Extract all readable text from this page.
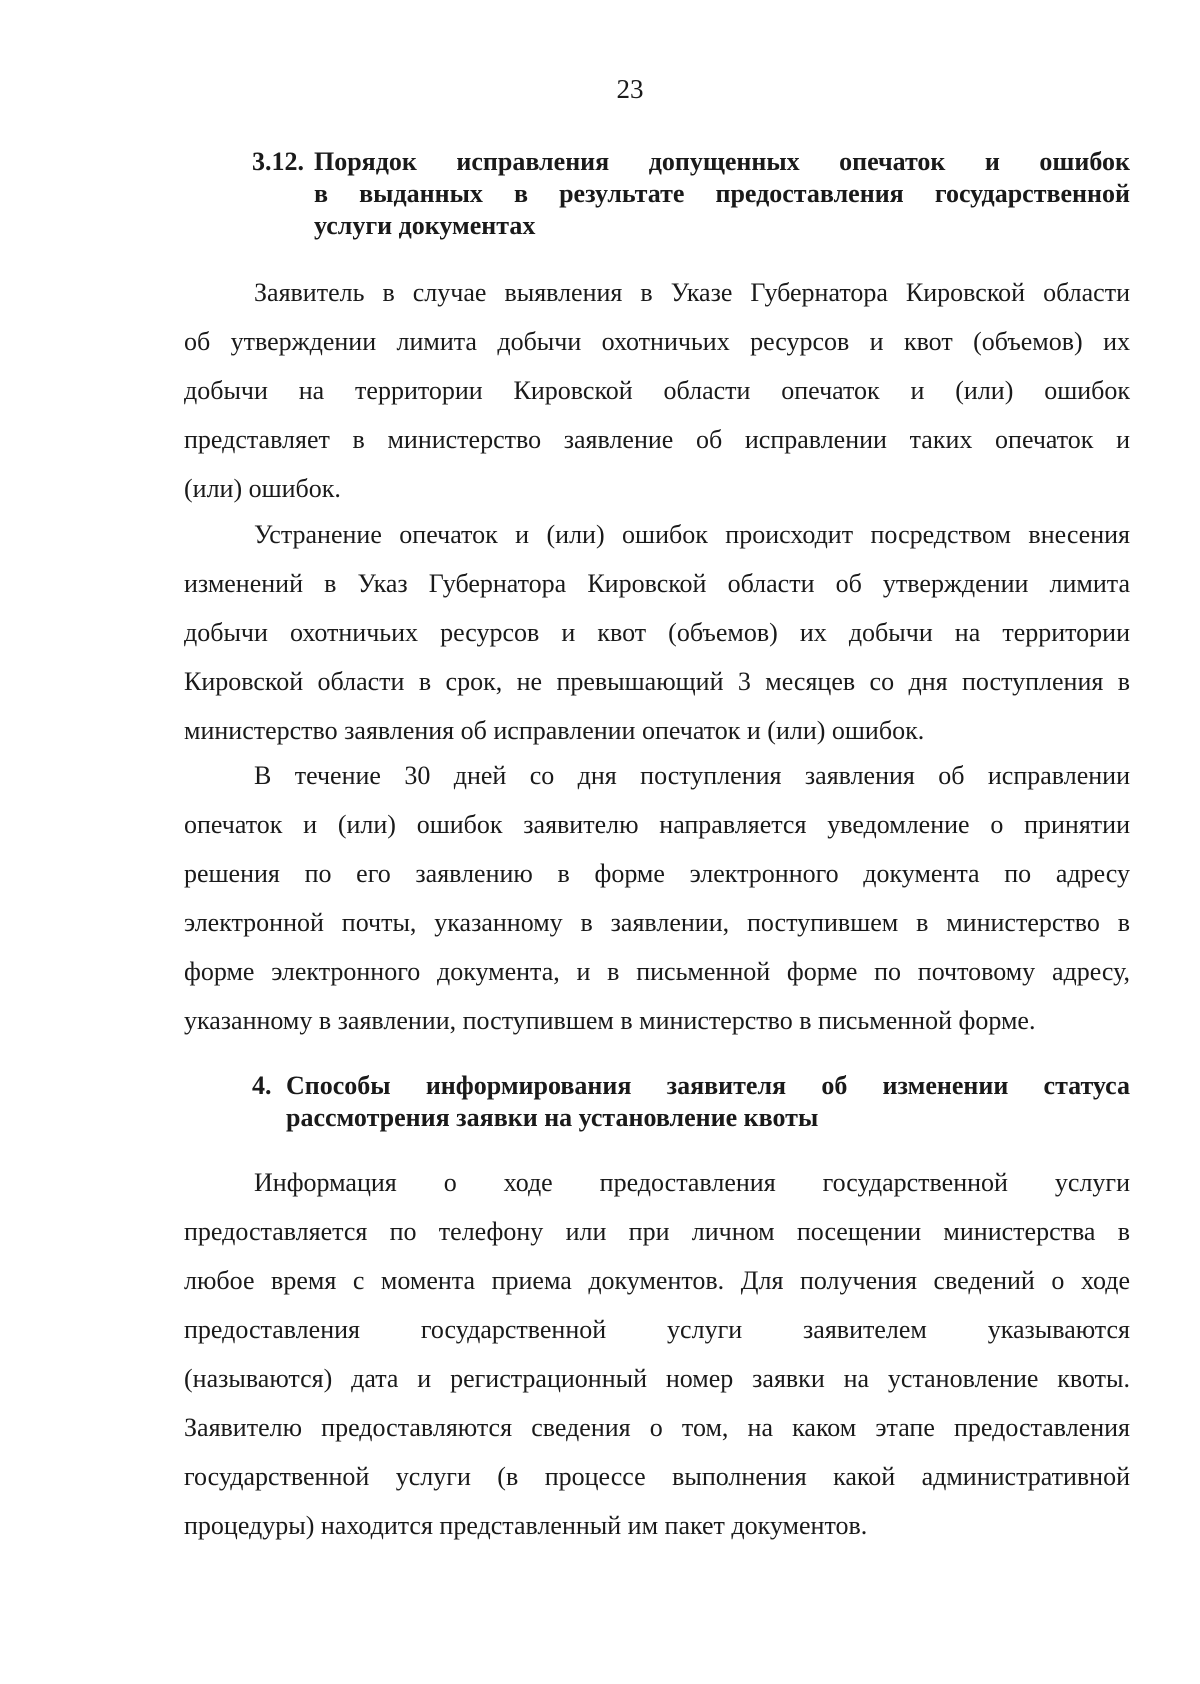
23
3.12. Порядок исправления допущенных опечаток и ошибок
в выданных в результате предоставления государственной
услуги документах
Заявитель в случае выявления в Указе Губернатора Кировской области
об утверждении лимита добычи охотничьих ресурсов и квот (объемов) их
добычи на территории Кировской области опечаток и (или) ошибок
представляет в министерство заявление об исправлении таких опечаток и
(или) ошибок.
Устранение опечаток и (или) ошибок происходит посредством внесения
изменений в Указ Губернатора Кировской области об утверждении лимита
добычи охотничьих ресурсов и квот (объемов) их добычи на территории
Кировской области в срок, не превышающий 3 месяцев со дня поступления в
министерство заявления об исправлении опечаток и (или) ошибок.
В течение 30 дней со дня поступления заявления об исправлении
опечаток и (или) ошибок заявителю направляется уведомление о принятии
решения по его заявлению в форме электронного документа по адресу
электронной почты, указанному в заявлении, поступившем в министерство в
форме электронного документа, и в письменной форме по почтовому адресу,
указанному в заявлении, поступившем в министерство в письменной форме.
4. Способы информирования заявителя об изменении статуса
рассмотрения заявки на установление квоты
Информация о ходе предоставления государственной услуги
предоставляется по телефону или при личном посещении министерства в
любое время с момента приема документов. Для получения сведений о ходе
предоставления государственной услуги заявителем указываются
(называются) дата и регистрационный номер заявки на установление квоты.
Заявителю предоставляются сведения о том, на каком этапе предоставления
государственной услуги (в процессе выполнения какой административной
процедуры) находится представленный им пакет документов.
